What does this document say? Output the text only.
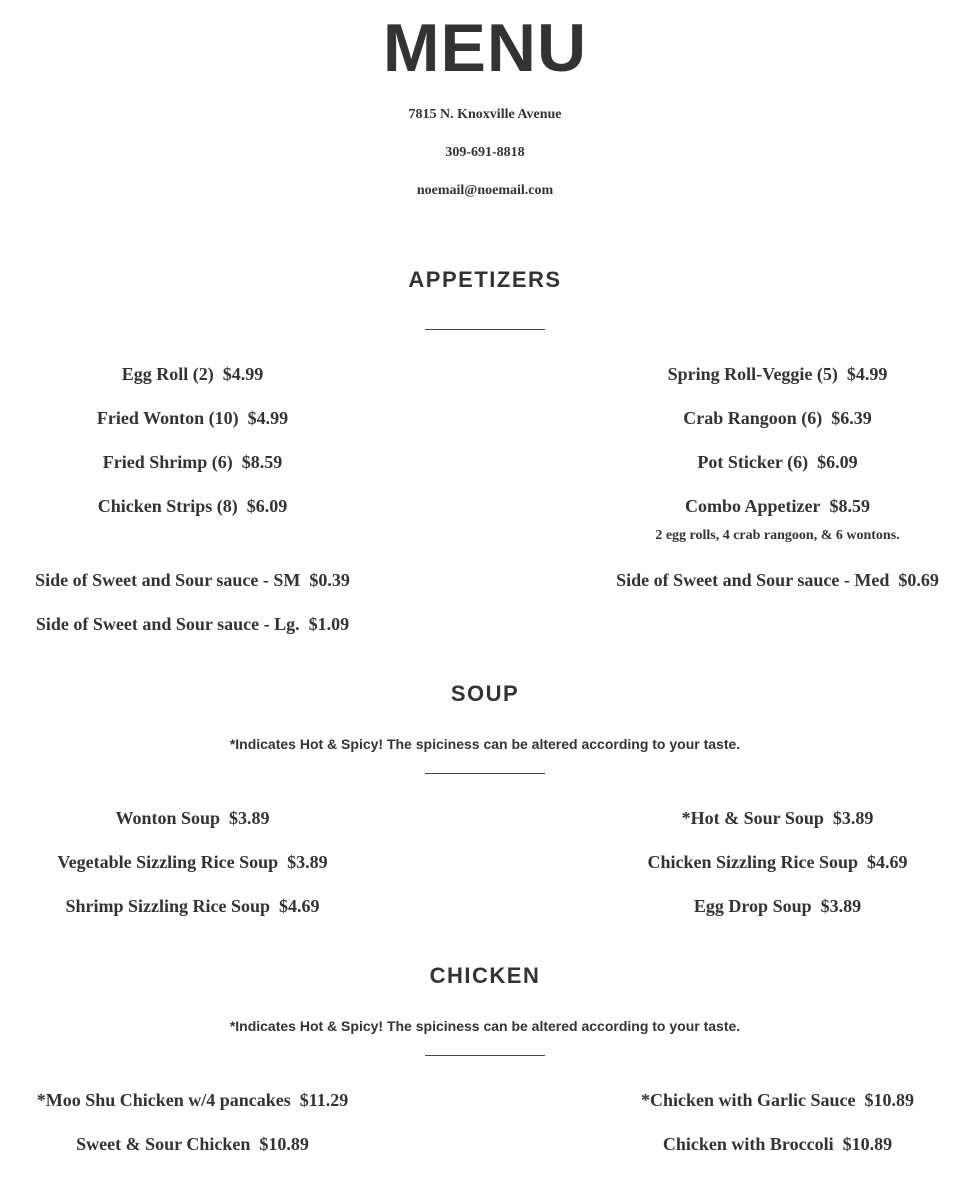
MENU
7815 N. Knoxville Avenue
309-691-8818
noemail@noemail.com
APPETIZERS
Egg Roll (2) $4.99
Fried Wonton (10) $4.99
Fried Shrimp (6) $8.59
Chicken Strips (8) $6.09
Spring Roll-Veggie (5) $4.99
Crab Rangoon (6) $6.39
Pot Sticker (6) $6.09
Combo Appetizer $8.59
2 egg rolls, 4 crab rangoon, & 6 wontons.
Side of Sweet and Sour sauce - SM $0.39
Side of Sweet and Sour sauce - Lg. $1.09
Side of Sweet and Sour sauce - Med $0.69
SOUP
*Indicates Hot & Spicy! The spiciness can be altered according to your taste.
Wonton Soup $3.89
Vegetable Sizzling Rice Soup $3.89
Shrimp Sizzling Rice Soup $4.69
*Hot & Sour Soup $3.89
Chicken Sizzling Rice Soup $4.69
Egg Drop Soup $3.89
CHICKEN
*Indicates Hot & Spicy! The spiciness can be altered according to your taste.
*Moo Shu Chicken w/4 pancakes $11.29
Sweet & Sour Chicken $10.89
*Chicken with Garlic Sauce $10.89
Chicken with Broccoli $10.89
